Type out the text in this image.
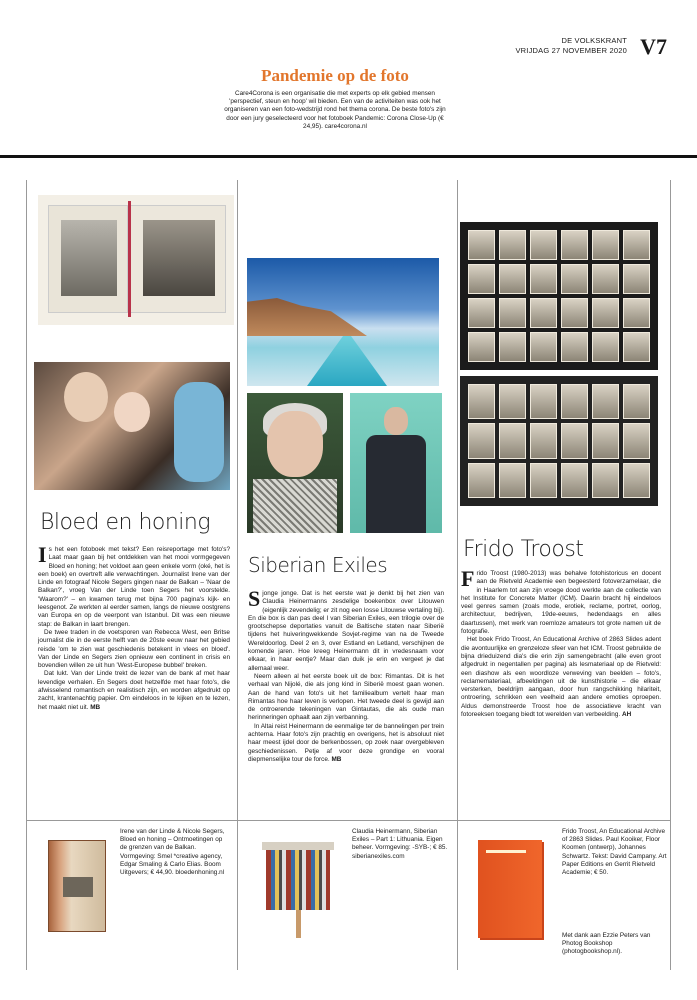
DE VOLKSKRANT
VRIJDAG 27 NOVEMBER 2020 V7
Pandemie op de foto

Care4Corona is een organisatie die met experts op elk gebied mensen 'perspectief, steun en hoop' wil bieden. Een van de activiteiten was ook het organiseren van een foto-wedstrijd rond het thema corona. De beste foto's zijn door een jury geselecteerd voor het fotoboek Pandemic: Corona Close-Up (€ 24,95). care4corona.nl

Bloed en honing
Siberian Exiles
Frido Troost

Is het een fotoboek met tekst? Een reisreportage met foto's? Laat maar gaan bij het ontdekken van het mooi vormgegeven Bloed en honing; het voldoet aan geen enkele vorm (oké, het is een boek) en overtreft alle verwachtingen. Journalist Irene van der Linde en fotograaf Nicole Segers gingen naar de Balkan – 'Naar de Balkan?', vroeg Van der Linde toen Segers het voorstelde. 'Waarom?' – en kwamen terug met bijna 700 pagina's kijk- en leesgenot. Ze werkten al eerder samen, langs de nieuwe oostgrens van Europa en op de veerpont van Istanbul. Dit was een nieuwe stap: de Balkan in laart brengen.

De twee traden in de voetsporen van Rebecca West, een Britse journalist die in de eerste helft van de 20ste eeuw naar het gebied reisde 'om te zien wat geschiedenis betekent in vlees en bloed'. Van der Linde en Segers zien opnieuw een continent in crisis en bovendien willen ze uit hun 'West-Europese bubbel' breken.

Dat lukt. Van der Linde trekt de lezer van de bank af met haar levendige verhalen. En Segers doet hetzelfde met haar foto's, die afwisselend romantisch en realistisch zijn, en worden afgedrukt op zacht, krantenachtig papier. Om eindeloos in te kijken en te lezen, het maakt niet uit. MB

Sjonge jonge. Dat is het eerste wat je denkt bij het zien van Claudia Heinermanns zesdelige boekenbox over Litouwen (eigenlijk zevendelig; er zit nog een losse Litouwse vertaling bij). En die box is dan pas deel I van Siberian Exiles, een trilogie over de grootschepse deportaties vanuit de Baltische staten naar Siberië tijdens het huiveringwekkende Sovjet-regime van na de Tweede Wereldoorlog. Deel 2 en 3, over Estland en Letland, verschijnen de komende jaren. Hoe kreeg Heinermann dit in vredesnaam voor elkaar, in haar eentje? Maar dan duik je erin en vergeet je dat allemaal weer.

Neem alleen al het eerste boek uit de box: Rimantas. Dit is het verhaal van Nijolé, die als jong kind in Siberië moest gaan wonen. Aan de hand van foto's uit het familiealbum vertelt haar man Rimantas hoe haar leven is verlopen. Het tweede deel is gewijd aan de ontroerende tekeningen van Gintautas, die als oude man herinneringen ophaalt aan zijn verbanning.

In Altai reist Heinermann de eenmalige ter de bannelingen per trein achterna. Haar foto's zijn prachtig en overigens, het is absoluut niet haar meest ijdel door de berkenbossen, op zoek naar overgebleven geschiedenissen. Petje af voor deze grondige en vooral diepmenselijke tour de force. MB

Frido Troost (1980-2013) was behalve fotohistoricus en docent aan de Rietveld Academie een begeesterd fotoverzamelaar, die in Haarlem tot aan zijn vroege dood werkte aan de collectie van het Institute for Concrete Matter (ICM). Daarin bracht hij eindeloos veel genres samen (zoals mode, erotiek, reclame, portret, oorlog, architectuur, bedrijven, 19de-eeuws, hedendaags en alles daartussen), met werk van roemloze amateurs tot grote namen uit de fotografie.

Het boek Frido Troost, An Educational Archive of 2863 Slides adent die avontuurlijke en grenzeloze sfeer van het ICM. Troost gebruikte de bijna drieduizend dia's die erin zijn samengebracht (alle even groot afgedrukt in negentallen per pagina) als lesmateriaal op de Rietveld: een diashow als een woordloze verweving van beelden – foto's, reclamemateriaal, afbeeldingen uit de kunsthistorie – die elkaar versterken, beeldrijm aangaan, door hun rangschikking hilariteit, ontroering, schrikken een veelheid aan andere emoties oproepen. Aldus demonstreerde Troost hoe de associatieve kracht van fotoreeksen toegang biedt tot werelden van verbeelding. AH

Irene van der Linde & Nicole Segers, Bloed en honing – Ontmoetingen op de grenzen van de Balkan. Vormgeving: Smel *creative agency, Edgar Smaling & Carlo Elias. Boom Uitgevers; € 44,90. bloedenhoning.nl
Claudia Heinermann, Siberian Exiles – Part 1: Lithuania. Eigen beheer. Vormgeving: -SYB-; € 85. siberianexiles.com
Frido Troost, An Educational Archive of 2863 Slides. Paul Kooiker, Floor Koomen (ontwerp), Johannes Schwartz. Tekst: David Campany. Art Paper Editions en Gerrit Rietveld Academie; € 50.
Met dank aan Ezzie Peters van Photog Bookshop (photogbookshop.nl).
